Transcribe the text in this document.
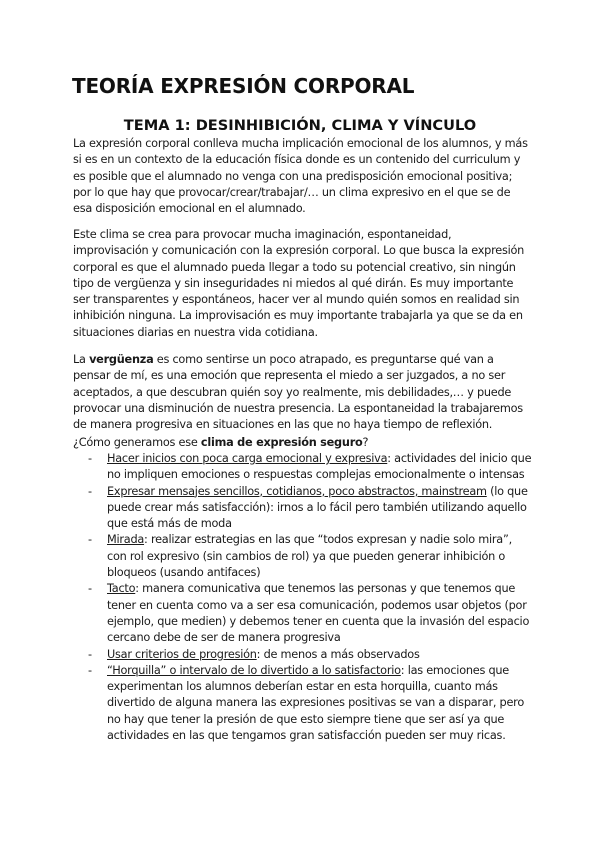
TEORÍA EXPRESIÓN CORPORAL
TEMA 1: DESINHIBICIÓN, CLIMA Y VÍNCULO

La expresión corporal conlleva mucha implicación emocional de los alumnos, y más si es en un contexto de la educación física donde es un contenido del curriculum y es posible que el alumnado no venga con una predisposición emocional positiva; por lo que hay que provocar/crear/trabajar/… un clima expresivo en el que se de esa disposición emocional en el alumnado.

Este clima se crea para provocar mucha imaginación, espontaneidad, improvisación y comunicación con la expresión corporal. Lo que busca la expresión corporal es que el alumnado pueda llegar a todo su potencial creativo, sin ningún tipo de vergüenza y sin inseguridades ni miedos al qué dirán. Es muy importante ser transparentes y espontáneos, hacer ver al mundo quién somos en realidad sin inhibición ninguna. La improvisación es muy importante trabajarla ya que se da en situaciones diarias en nuestra vida cotidiana.

La vergüenza es como sentirse un poco atrapado, es preguntarse qué van a pensar de mí, es una emoción que representa el miedo a ser juzgados, a no ser aceptados, a que descubran quién soy yo realmente, mis debilidades,… y puede provocar una disminución de nuestra presencia. La espontaneidad la trabajaremos de manera progresiva en situaciones en las que no haya tiempo de reflexión.

¿Cómo generamos ese clima de expresión seguro?

- Hacer inicios con poca carga emocional y expresiva: actividades del inicio que no impliquen emociones o respuestas complejas emocionalmente o intensas
- Expresar mensajes sencillos, cotidianos, poco abstractos, mainstream (lo que puede crear más satisfacción): irnos a lo fácil pero también utilizando aquello que está más de moda
- Mirada: realizar estrategias en las que “todos expresan y nadie solo mira”, con rol expresivo (sin cambios de rol) ya que pueden generar inhibición o bloqueos (usando antifaces)
- Tacto: manera comunicativa que tenemos las personas y que tenemos que tener en cuenta como va a ser esa comunicación, podemos usar objetos (por ejemplo, que medien) y debemos tener en cuenta que la invasión del espacio cercano debe de ser de manera progresiva
- Usar criterios de progresión: de menos a más observados
- “Horquilla” o intervalo de lo divertido a lo satisfactorio: las emociones que experimentan los alumnos deberían estar en esta horquilla, cuanto más divertido de alguna manera las expresiones positivas se van a disparar, pero no hay que tener la presión de que esto siempre tiene que ser así ya que actividades en las que tengamos gran satisfacción pueden ser muy ricas.
